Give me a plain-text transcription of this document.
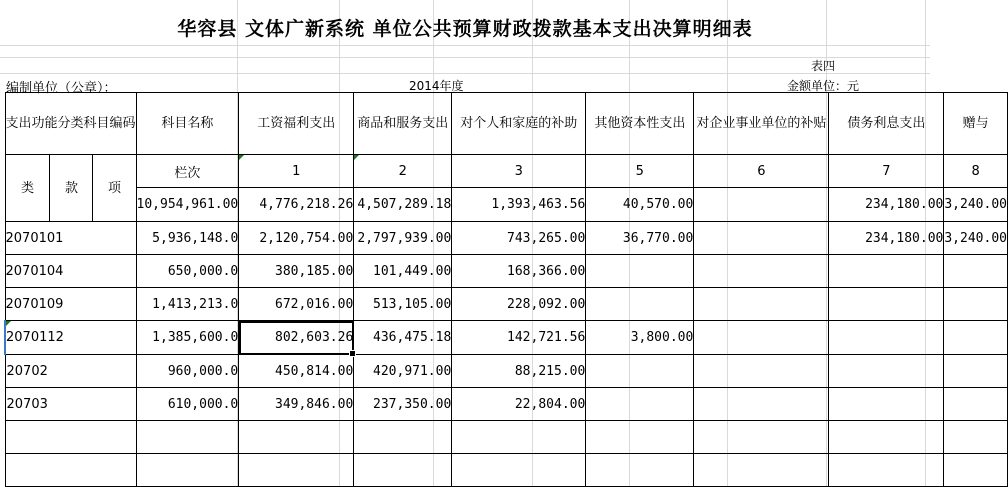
华容县 文体广新系统 单位公共预算财政拨款基本支出决算明细表
表四
编制单位（公章）：	2014年度	金额单位：元
支出功能分类科目编码			科目名称	工资福利支出	商品和服务支出	对个人和家庭的补助	其他资本性支出	对企业事业单位的补贴	债务利息支出	赠与
类	款	项	栏次	1	2	3	5	6	7	8
			10,954,961.00	4,776,218.26	4,507,289.18	1,393,463.56	40,570.00		234,180.00	3,240.00
2070101			5,936,148.0	2,120,754.00	2,797,939.00	743,265.00	36,770.00		234,180.00	3,240.00
2070104			650,000.0	380,185.00	101,449.00	168,366.00				
2070109			1,413,213.0	672,016.00	513,105.00	228,092.00				
2070112			1,385,600.0	802,603.26	436,475.18	142,721.56	3,800.00			
20702			960,000.0	450,814.00	420,971.00	88,215.00				
20703			610,000.0	349,846.00	237,350.00	22,804.00				
